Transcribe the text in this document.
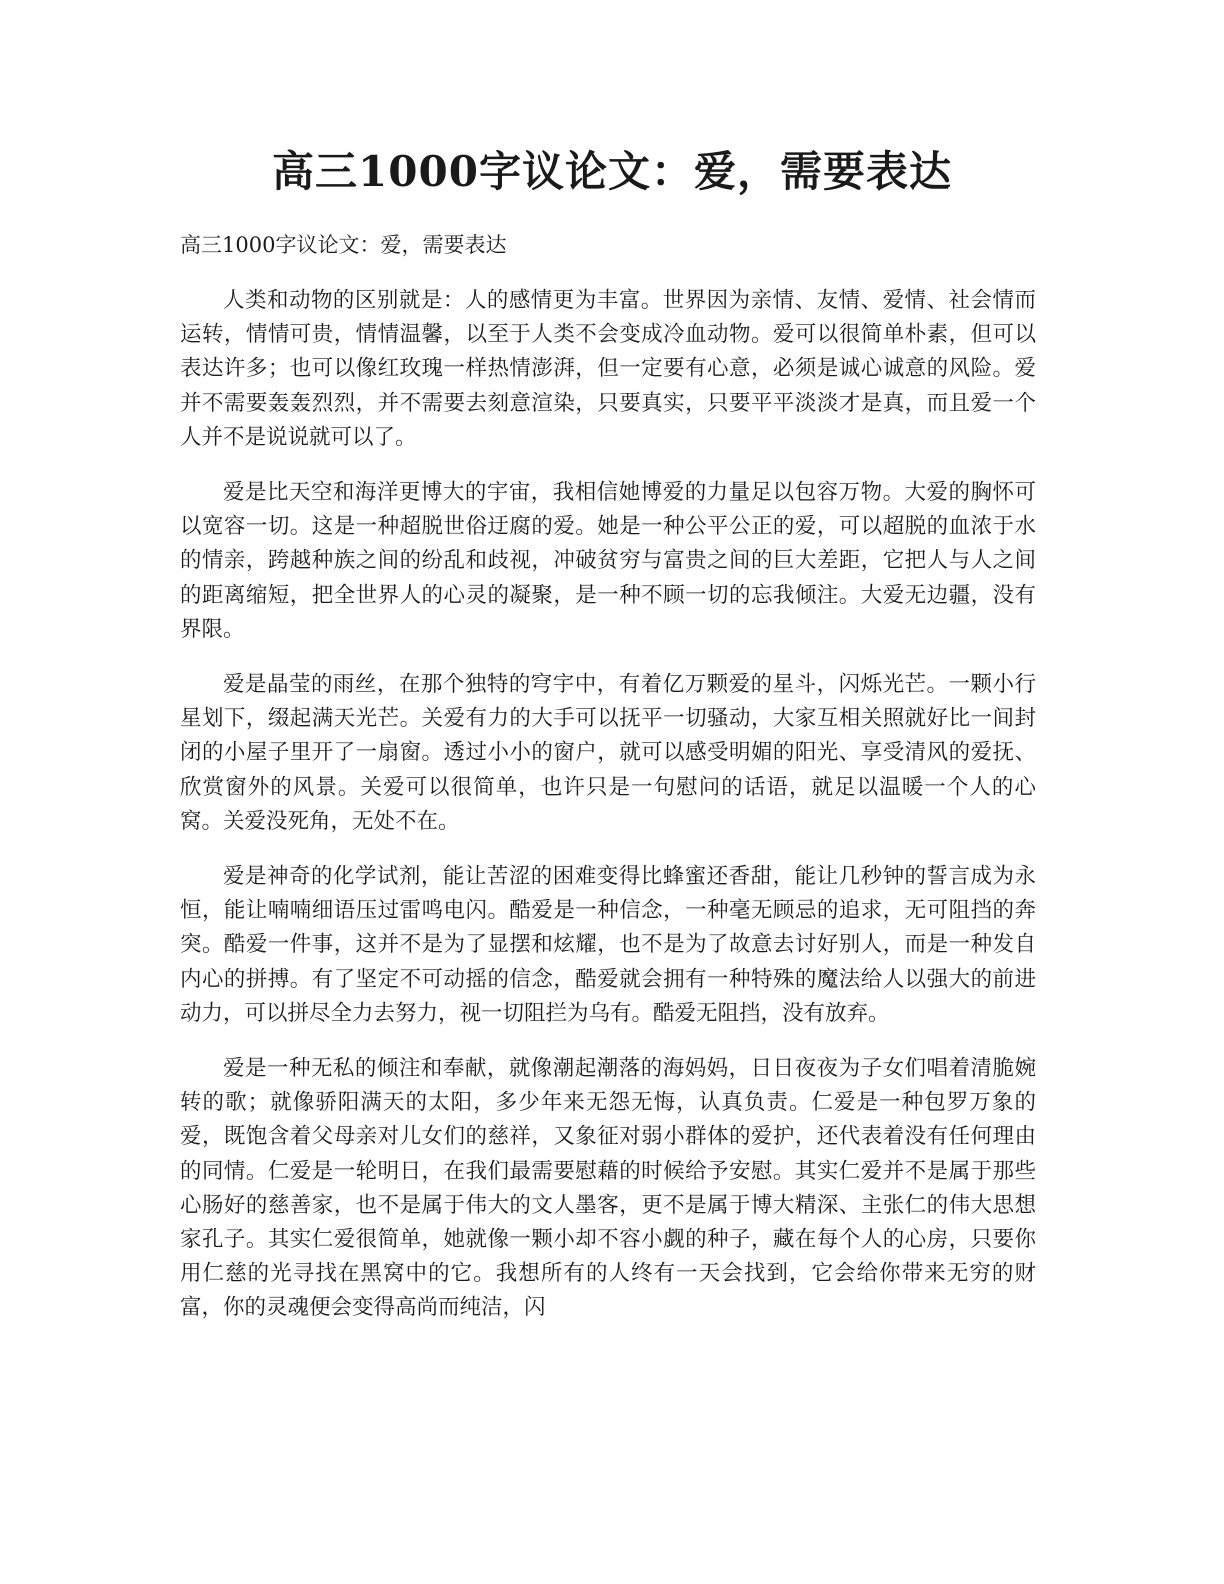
高三1000字议论文：爱，需要表达

高三1000字议论文：爱，需要表达

人类和动物的区别就是：人的感情更为丰富。世界因为亲情、友情、爱情、社会情而运转，情情可贵，情情温馨，以至于人类不会变成冷血动物。爱可以很简单朴素，但可以表达许多；也可以像红玫瑰一样热情澎湃，但一定要有心意，必须是诚心诚意的风险。爱并不需要轰轰烈烈，并不需要去刻意渲染，只要真实，只要平平淡淡才是真，而且爱一个人并不是说说就可以了。

爱是比天空和海洋更博大的宇宙，我相信她博爱的力量足以包容万物。大爱的胸怀可以宽容一切。这是一种超脱世俗迂腐的爱。她是一种公平公正的爱，可以超脱的血浓于水的情亲，跨越种族之间的纷乱和歧视，冲破贫穷与富贵之间的巨大差距，它把人与人之间的距离缩短，把全世界人的心灵的凝聚，是一种不顾一切的忘我倾注。大爱无边疆，没有界限。

爱是晶莹的雨丝，在那个独特的穹宇中，有着亿万颗爱的星斗，闪烁光芒。一颗小行星划下，缀起满天光芒。关爱有力的大手可以抚平一切骚动，大家互相关照就好比一间封闭的小屋子里开了一扇窗。透过小小的窗户，就可以感受明媚的阳光、享受清风的爱抚、欣赏窗外的风景。关爱可以很简单，也许只是一句慰问的话语，就足以温暖一个人的心窝。关爱没死角，无处不在。

爱是神奇的化学试剂，能让苦涩的困难变得比蜂蜜还香甜，能让几秒钟的誓言成为永恒，能让喃喃细语压过雷鸣电闪。酷爱是一种信念，一种毫无顾忌的追求，无可阻挡的奔突。酷爱一件事，这并不是为了显摆和炫耀，也不是为了故意去讨好别人，而是一种发自内心的拼搏。有了坚定不可动摇的信念，酷爱就会拥有一种特殊的魔法给人以强大的前进动力，可以拼尽全力去努力，视一切阻拦为乌有。酷爱无阻挡，没有放弃。

爱是一种无私的倾注和奉献，就像潮起潮落的海妈妈，日日夜夜为子女们唱着清脆婉转的歌；就像骄阳满天的太阳，多少年来无怨无悔，认真负责。仁爱是一种包罗万象的爱，既饱含着父母亲对儿女们的慈祥，又象征对弱小群体的爱护，还代表着没有任何理由的同情。仁爱是一轮明日，在我们最需要慰藉的时候给予安慰。其实仁爱并不是属于那些心肠好的慈善家，也不是属于伟大的文人墨客，更不是属于博大精深、主张仁的伟大思想家孔子。其实仁爱很简单，她就像一颗小却不容小觑的种子，藏在每个人的心房，只要你用仁慈的光寻找在黑窝中的它。我想所有的人终有一天会找到，它会给你带来无穷的财富，你的灵魂便会变得高尚而纯洁，闪
